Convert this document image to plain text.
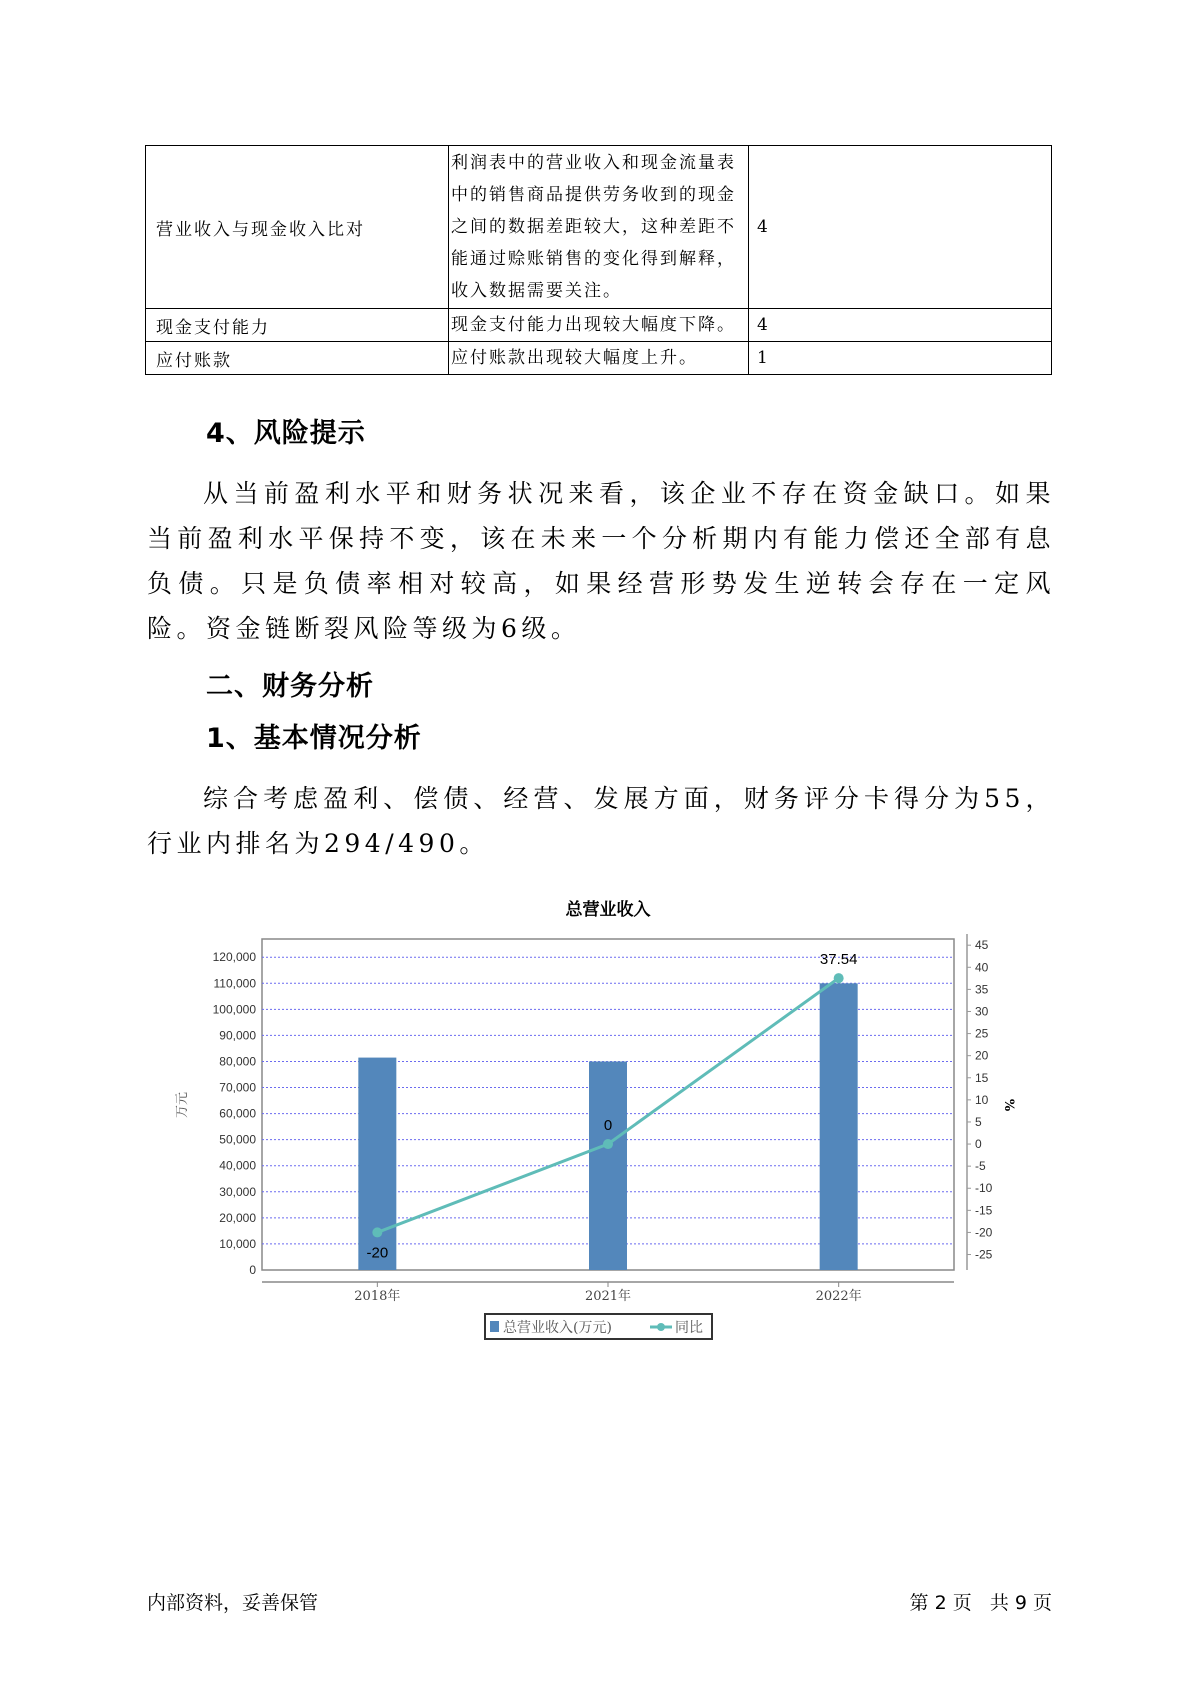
营业收入与现金收入比对	利润表中的营业收入和现金流量表中的销售商品提供劳务收到的现金之间的数据差距较大，这种差距不能通过赊账销售的变化得到解释，收入数据需要关注。	4
现金支付能力	现金支付能力出现较大幅度下降。	4
应付账款	应付账款出现较大幅度上升。	1
4、风险提示
从当前盈利水平和财务状况来看，该企业不存在资金缺口。如果当前盈利水平保持不变，该在未来一个分析期内有能力偿还全部有息负债。只是负债率相对较高，如果经营形势发生逆转会存在一定风险。资金链断裂风险等级为6级。
二、财务分析
1、基本情况分析
综合考虑盈利、偿债、经营、发展方面，财务评分卡得分为55，行业内排名为294/490。
总营业收入
0
10,000
20,000
30,000
40,000
50,000
60,000
70,000
80,000
90,000
100,000
110,000
120,000
-25
-20
-15
-10
-5
0
5
10
15
20
25
30
35
40
45
万元	%
2018年	2021年	2022年
-20
0
37.54
总营业收入(万元)	同比
内部资料，妥善保管	第 2 页   共 9 页
